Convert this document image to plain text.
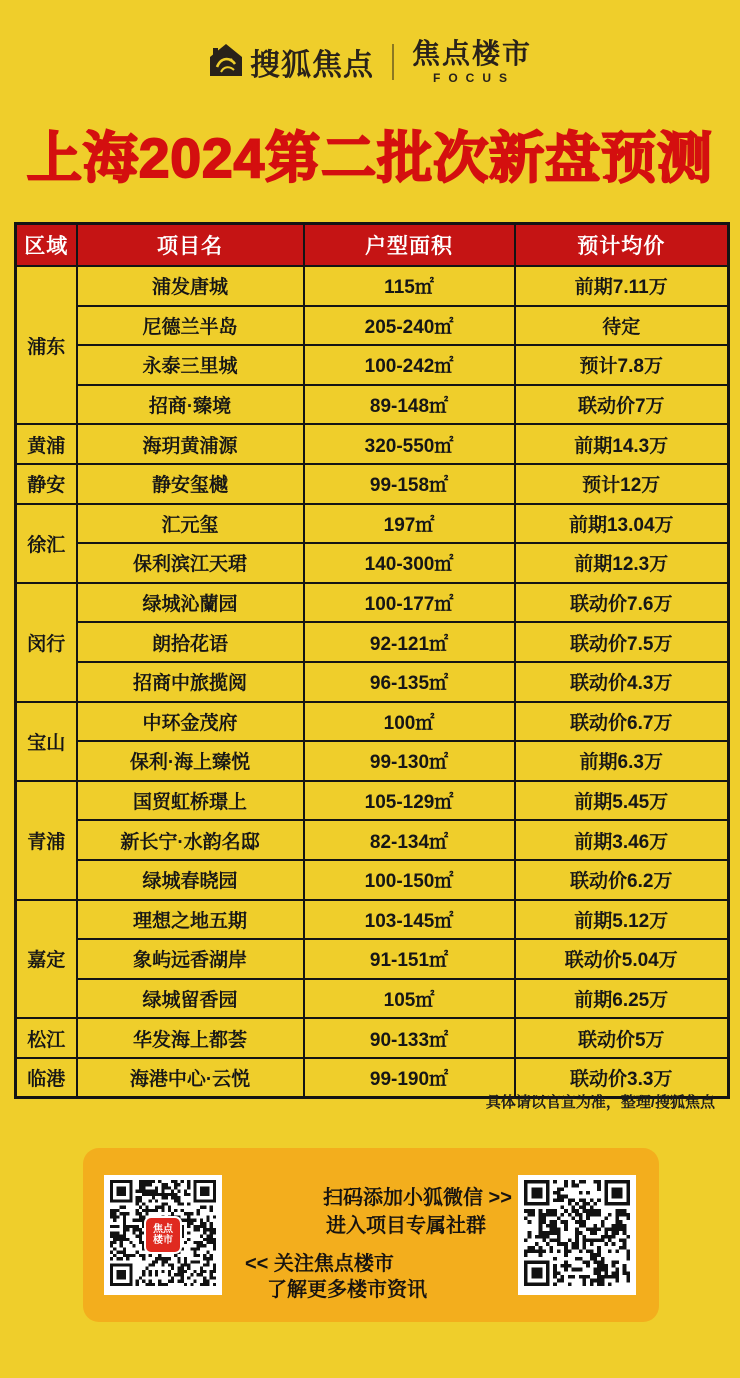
搜狐焦点 焦点楼市
FOCUS
上海2024第二批次新盘预测
区域	项目名	户型面积	预计均价
浦东	浦发唐城	115㎡	前期7.11万
	尼德兰半岛	205-240㎡	待定
	永泰三里城	100-242㎡	预计7.8万
	招商·臻境	89-148㎡	联动价7万
黄浦	海玥黄浦源	320-550㎡	前期14.3万
静安	静安玺樾	99-158㎡	预计12万
徐汇	汇元玺	197㎡	前期13.04万
	保利滨江天珺	140-300㎡	前期12.3万
闵行	绿城沁蘭园	100-177㎡	联动价7.6万
	朗拾花语	92-121㎡	联动价7.5万
	招商中旅揽阅	96-135㎡	联动价4.3万
宝山	中环金茂府	100㎡	联动价6.7万
	保利·海上臻悦	99-130㎡	前期6.3万
青浦	国贸虹桥璟上	105-129㎡	前期5.45万
	新长宁·水韵名邸	82-134㎡	前期3.46万
	绿城春晓园	100-150㎡	联动价6.2万
嘉定	理想之地五期	103-145㎡	前期5.12万
	象屿远香湖岸	91-151㎡	联动价5.04万
	绿城留香园	105㎡	前期6.25万
松江	华发海上都荟	90-133㎡	联动价5万
临港	海港中心·云悦	99-190㎡	联动价3.3万
具体请以官宣为准，整理/搜狐焦点
焦点
楼市
扫码添加小狐微信 >>
进入项目专属社群
<< 关注焦点楼市
了解更多楼市资讯
